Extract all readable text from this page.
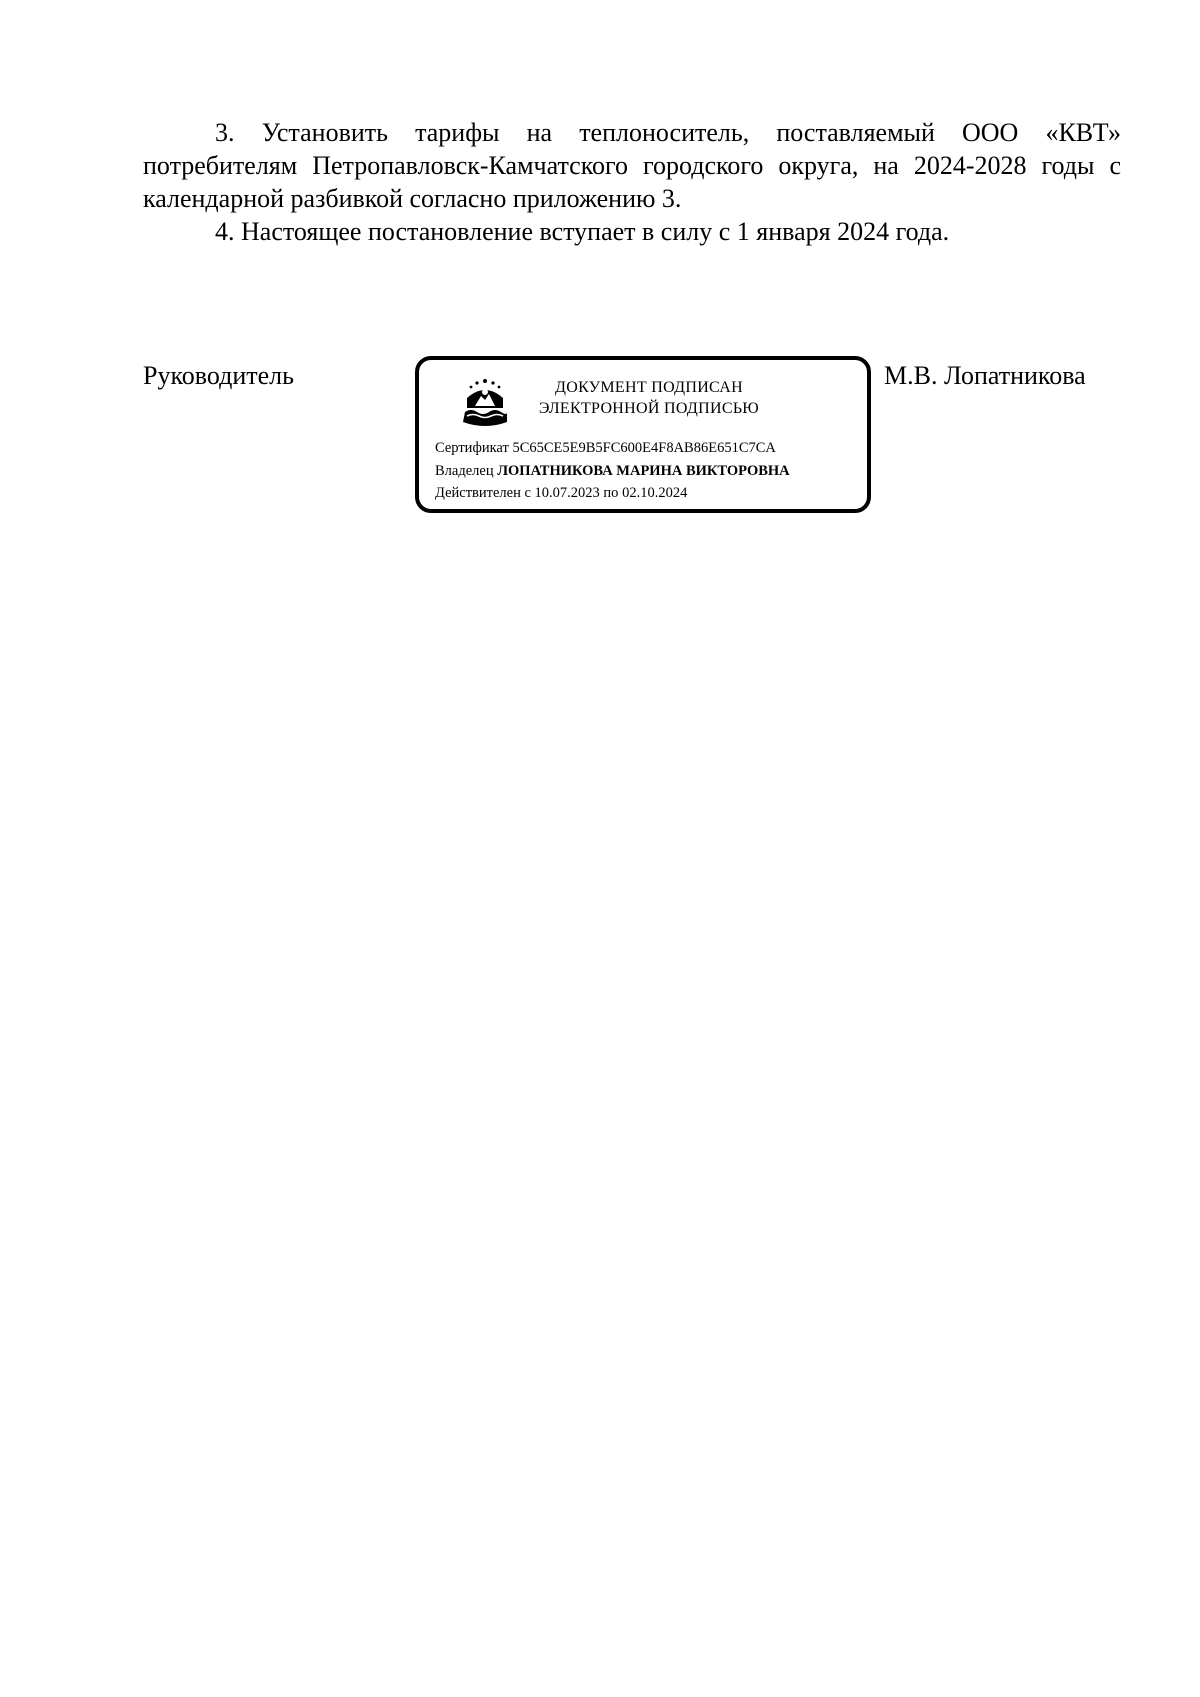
3. Установить тарифы на теплоноситель, поставляемый ООО «КВТ» потребителям Петропавловск-Камчатского городского округа, на 2024-2028 годы с календарной разбивкой согласно приложению 3.

4. Настоящее постановление вступает в силу с 1 января 2024 года.

Руководитель	ДОКУМЕНТ ПОДПИСАН
ЭЛЕКТРОННОЙ ПОДПИСЬЮ
Сертификат 5C65CE5E9B5FC600E4F8AB86E651C7CA
Владелец ЛОПАТНИКОВА МАРИНА ВИКТОРОВНА
Действителен с 10.07.2023 по 02.10.2024
М.В. Лопатникова
